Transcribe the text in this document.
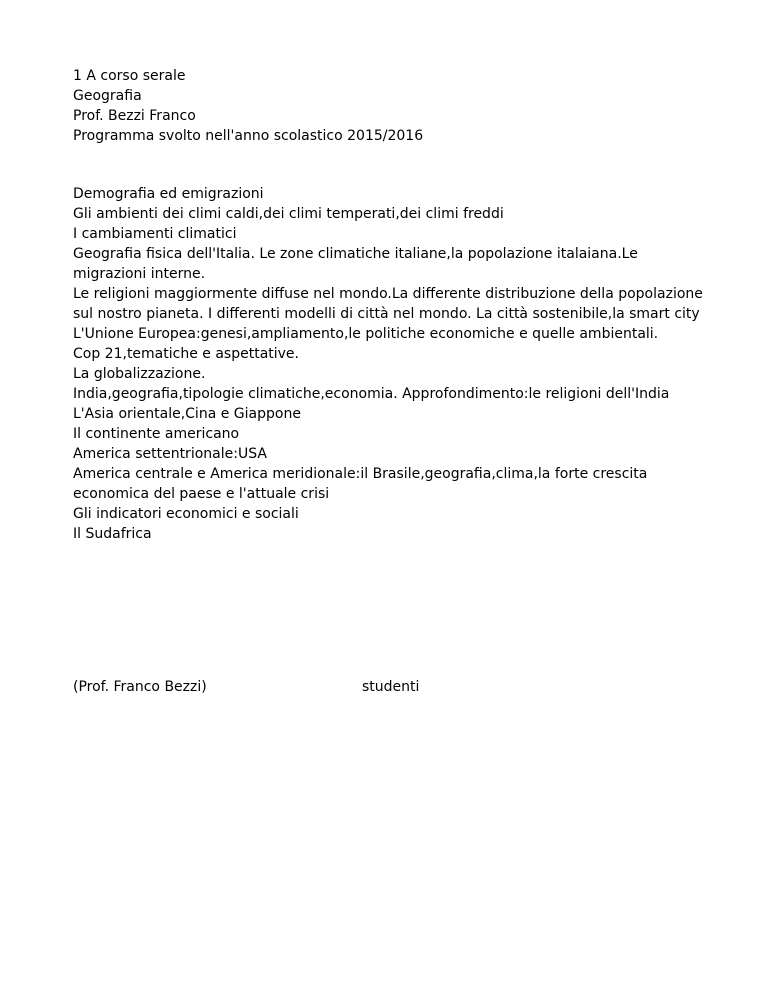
1 A corso serale

Geografia

Prof. Bezzi Franco

Programma svolto nell'anno scolastico 2015/2016

Demografia ed emigrazioni

Gli ambienti dei climi caldi,dei climi temperati,dei climi freddi

I cambiamenti climatici

Geografia fisica dell'Italia. Le zone climatiche italiane,la popolazione italaiana.Le migrazioni interne.

Le religioni maggiormente diffuse nel mondo.La differente distribuzione della popolazione sul nostro pianeta. I differenti modelli di città nel mondo. La città sostenibile,la smart city

L'Unione Europea:genesi,ampliamento,le politiche economiche e quelle ambientali.

Cop 21,tematiche e aspettative.

La globalizzazione.

India,geografia,tipologie climatiche,economia. Approfondimento:le religioni dell'India

L'Asia orientale,Cina e Giappone

Il continente americano

America settentrionale:USA

America centrale e America meridionale:il Brasile,geografia,clima,la forte crescita economica del paese e l'attuale crisi

Gli indicatori economici e sociali

Il Sudafrica

(Prof. Franco Bezzi)	studenti
